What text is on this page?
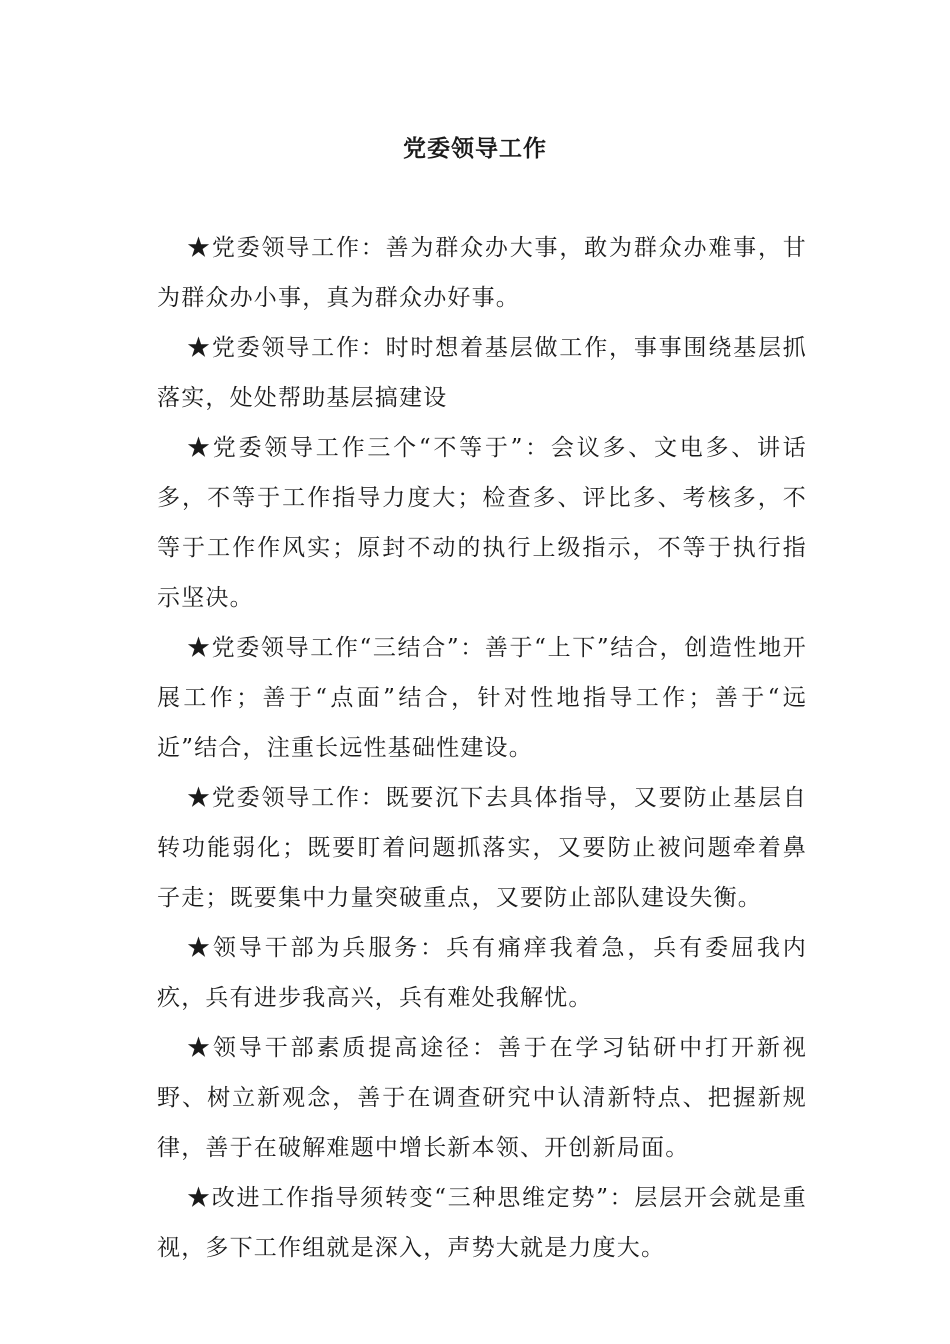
党委领导工作

★党委领导工作：善为群众办大事，敢为群众办难事，甘为群众办小事，真为群众办好事。

★党委领导工作：时时想着基层做工作，事事围绕基层抓落实，处处帮助基层搞建设

★党委领导工作三个“不等于”：会议多、文电多、讲话多，不等于工作指导力度大；检查多、评比多、考核多，不等于工作作风实；原封不动的执行上级指示，不等于执行指示坚决。

★党委领导工作“三结合”：善于“上下”结合，创造性地开展工作；善于“点面”结合，针对性地指导工作；善于“远近”结合，注重长远性基础性建设。

★党委领导工作：既要沉下去具体指导，又要防止基层自转功能弱化；既要盯着问题抓落实，又要防止被问题牵着鼻子走；既要集中力量突破重点，又要防止部队建设失衡。

★领导干部为兵服务：兵有痛痒我着急，兵有委屈我内疚，兵有进步我高兴，兵有难处我解忧。

★领导干部素质提高途径：善于在学习钻研中打开新视野、树立新观念，善于在调查研究中认清新特点、把握新规律，善于在破解难题中增长新本领、开创新局面。

★改进工作指导须转变“三种思维定势”：层层开会就是重视，多下工作组就是深入，声势大就是力度大。
